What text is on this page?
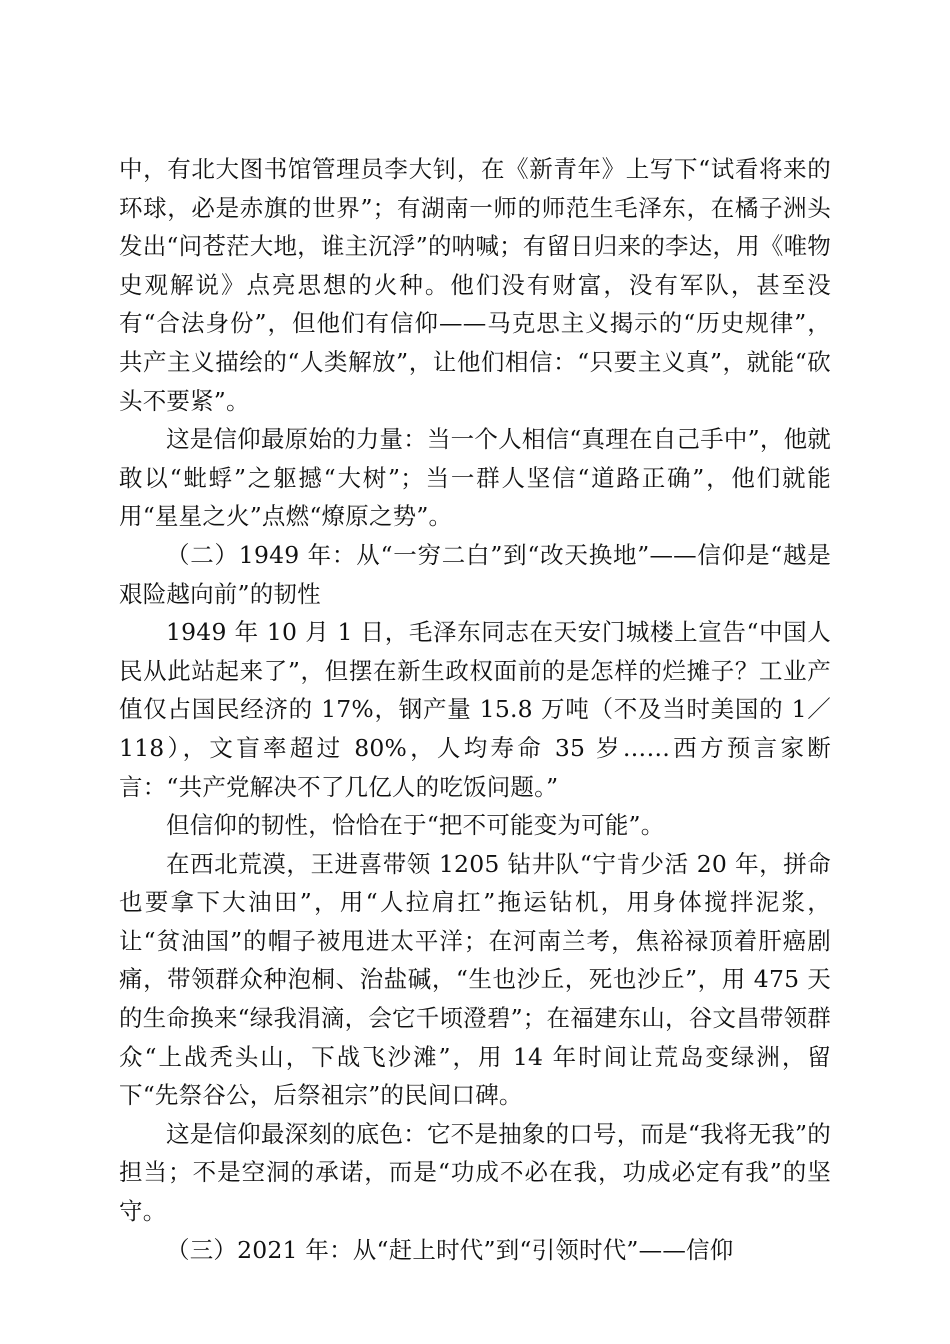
中，有北大图书馆管理员李大钊，在《新青年》上写下“试看将来的环球，必是赤旗的世界”；有湖南一师的师范生毛泽东，在橘子洲头发出“问苍茫大地，谁主沉浮”的呐喊；有留日归来的李达，用《唯物史观解说》点亮思想的火种。他们没有财富，没有军队，甚至没有“合法身份”，但他们有信仰——马克思主义揭示的“历史规律”，共产主义描绘的“人类解放”，让他们相信：“只要主义真”，就能“砍头不要紧”。

这是信仰最原始的力量：当一个人相信“真理在自己手中”，他就敢以“蚍蜉”之躯撼“大树”；当一群人坚信“道路正确”，他们就能用“星星之火”点燃“燎原之势”。

（二）1949 年：从“一穷二白”到“改天换地”——信仰是“越是艰险越向前”的韧性

1949 年 10 月 1 日，毛泽东同志在天安门城楼上宣告“中国人民从此站起来了”，但摆在新生政权面前的是怎样的烂摊子？工业产值仅占国民经济的 17%，钢产量 15.8 万吨（不及当时美国的 1／118），文盲率超过 80%，人均寿命 35 岁……西方预言家断言：“共产党解决不了几亿人的吃饭问题。”

但信仰的韧性，恰恰在于“把不可能变为可能”。

在西北荒漠，王进喜带领 1205 钻井队“宁肯少活 20 年，拼命也要拿下大油田”，用“人拉肩扛”拖运钻机，用身体搅拌泥浆，让“贫油国”的帽子被甩进太平洋；在河南兰考，焦裕禄顶着肝癌剧痛，带领群众种泡桐、治盐碱，“生也沙丘，死也沙丘”，用 475 天的生命换来“绿我涓滴，会它千顷澄碧”；在福建东山，谷文昌带领群众“上战秃头山，下战飞沙滩”，用 14 年时间让荒岛变绿洲，留下“先祭谷公，后祭祖宗”的民间口碑。

这是信仰最深刻的底色：它不是抽象的口号，而是“我将无我”的担当；不是空洞的承诺，而是“功成不必在我，功成必定有我”的坚守。

（三）2021 年：从“赶上时代”到“引领时代”——信仰
